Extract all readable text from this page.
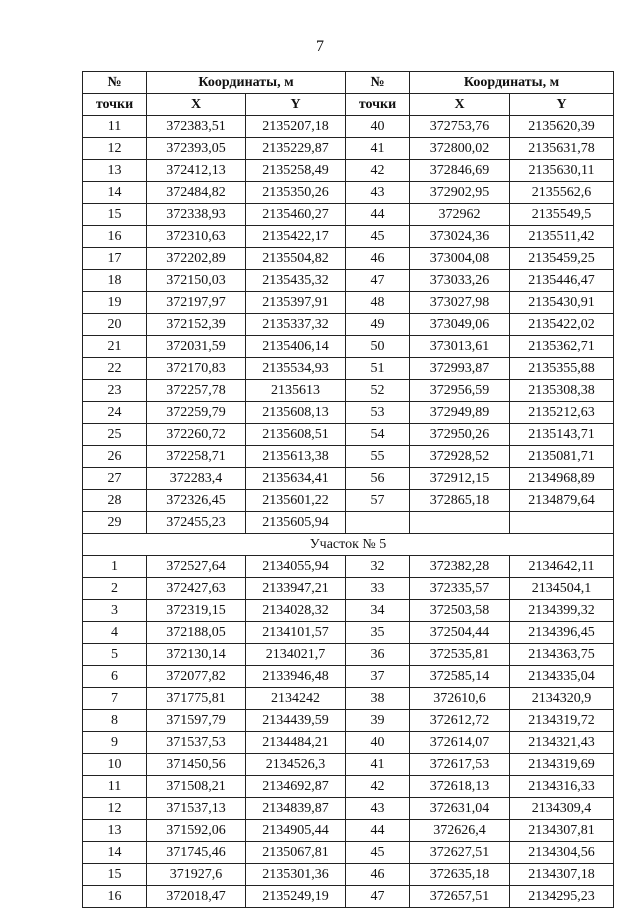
7
№	Координаты, м		№	Координаты, м	
точки	X	Y	точки	X	Y
11	372383,51	2135207,18	40	372753,76	2135620,39
12	372393,05	2135229,87	41	372800,02	2135631,78
13	372412,13	2135258,49	42	372846,69	2135630,11
14	372484,82	2135350,26	43	372902,95	2135562,6
15	372338,93	2135460,27	44	372962	2135549,5
16	372310,63	2135422,17	45	373024,36	2135511,42
17	372202,89	2135504,82	46	373004,08	2135459,25
18	372150,03	2135435,32	47	373033,26	2135446,47
19	372197,97	2135397,91	48	373027,98	2135430,91
20	372152,39	2135337,32	49	373049,06	2135422,02
21	372031,59	2135406,14	50	373013,61	2135362,71
22	372170,83	2135534,93	51	372993,87	2135355,88
23	372257,78	2135613	52	372956,59	2135308,38
24	372259,79	2135608,13	53	372949,89	2135212,63
25	372260,72	2135608,51	54	372950,26	2135143,71
26	372258,71	2135613,38	55	372928,52	2135081,71
27	372283,4	2135634,41	56	372912,15	2134968,89
28	372326,45	2135601,22	57	372865,18	2134879,64
29	372455,23	2135605,94			
Участок № 5					
1	372527,64	2134055,94	32	372382,28	2134642,11
2	372427,63	2133947,21	33	372335,57	2134504,1
3	372319,15	2134028,32	34	372503,58	2134399,32
4	372188,05	2134101,57	35	372504,44	2134396,45
5	372130,14	2134021,7	36	372535,81	2134363,75
6	372077,82	2133946,48	37	372585,14	2134335,04
7	371775,81	2134242	38	372610,6	2134320,9
8	371597,79	2134439,59	39	372612,72	2134319,72
9	371537,53	2134484,21	40	372614,07	2134321,43
10	371450,56	2134526,3	41	372617,53	2134319,69
11	371508,21	2134692,87	42	372618,13	2134316,33
12	371537,13	2134839,87	43	372631,04	2134309,4
13	371592,06	2134905,44	44	372626,4	2134307,81
14	371745,46	2135067,81	45	372627,51	2134304,56
15	371927,6	2135301,36	46	372635,18	2134307,18
16	372018,47	2135249,19	47	372657,51	2134295,23
